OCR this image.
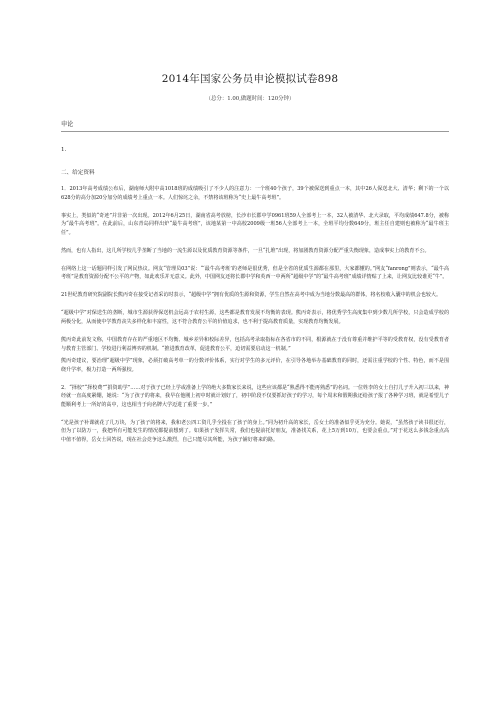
2014年国家公务员申论模拟试卷898
（总分：1.00,做题时间：120分钟）
申论
1.
二、给定资料

1．2013年高考成绩公布后，湖南师大附中高1018班的成绩吸引了不少人的注意力：一个班40个孩子，39个被保送到重点一本，其中26人保送北大、清华；剩下的一个以628分的高分加20分加分的成绩考上重点一本。人们惊诧之余，不禁将该班称为“史上最牛高考班”。

事实上，类似的“奇迹”并非第一次出现。2012年6月25日，湖南省高考放榜，长沙市长郡中学0961班59人全部考上一本，32人被清华、北大录取，平均成绩647.8分，被称为“最牛高考班”。在此前后，山东青岛同样出炉“最牛高考班”，该地某第一中高校2009级一班56人全部考上一本，全班平均分数649分，班主任自建则也被称为“最牛班主任”。

然而，也有人指出，这几所学校几乎垄断了当地的一流生源以及优质教育资源等条件，一旦“扎堆”出现，将加剧教育资源分配严重失衡现象，造成事实上的教育不公。

在网络上这一话题同样引发了网民热议。网友“管理员03”说：“‘最牛高考班’的老师是很优秀，但是全省的优质生源都在那里，大家都懂的。”网友“fanrong”则表示，“最牛高考班”是教育资源分配不公平的产物，如此欢乐并无意义。此外，中国网友还将长郡中学和英西一中两所“超级中学”的“最牛高考班”成绩详情贴了上来，让网友比较谁更“牛”。

21世纪教育研究院副院长熊丙奇在接受记者采访时表示，“超级中学”拥有优质的生源和资源，学生自然在高考中成为当地分数最高的群体，将名校收入囊中的机会也较大。

“超级中学”对保送生的垄断，城市生源获得保送机会远高于农村生源，这些都是教育发展不均衡的表现。熊丙奇表示，将优秀学生高度集中到少数几所学校，只会造成学校的两极分化，从而使中学教育丧失多样化和丰富性，这不符合教育公平的价值追求，也不利于提高教育质量，实现教育均衡发展。

熊丙奇此前发文称，中国教育存在的严重地区不均衡、城乡差异和校际差异，包括高考录取指标在各省市的不同，根源就在于没有尊重并维护平等的受教育权，没有受教育者与教育主管部门、学校进行利益博弈的机制。“推进教育改革，促进教育公平，迫切需要启动这一机制。”

熊丙奇建议，要治理“超级中学”现象，必须打破高考单一的分数评价体系，实行对学生的多元评价，在引导各地举办基础教育的同时，还需注重学校的个性、特色，而不是围绕升学率，极力打造一两所强校。

2．“择校”“择校费”“捐资助学”……对于孩子已经上学或准备上学的绝大多数家长来说，这些应该都是“熟悉得不能再熟悉”的名词。一位姓李的女士自打儿子升入初三以来，神经就一直高度紧绷，她说：“为了孩子的将来，我早在他刚上初中时就计划好了，初中阶段不仅要抓好孩子的学习，每个周末和假期我还给孩子报了各种学习班，就是希望儿子能顺利考上一所好的高中，这也相当于向名牌大学迈进了重要一步。”

“光是孩子补课就花了几万块，为了孩子的将来，我和老公四工资几乎全投在了孩子的身上。”同为初升高的家长，岳女士的准备似乎更为充分。她说，“虽然孩子读书很还行，但为了以防万一，我把所有可能发生的情况都提前想到了。如果孩子发挥失常，我们也提前托好朋友，准备找关系，花上5万到10万，也要会重点。”对于花这么多钱念重点高中值不值得，岳女士回答说，现在社会竞争这么激烈，自己只能尽其所能，为孩子铺好将来的路。
